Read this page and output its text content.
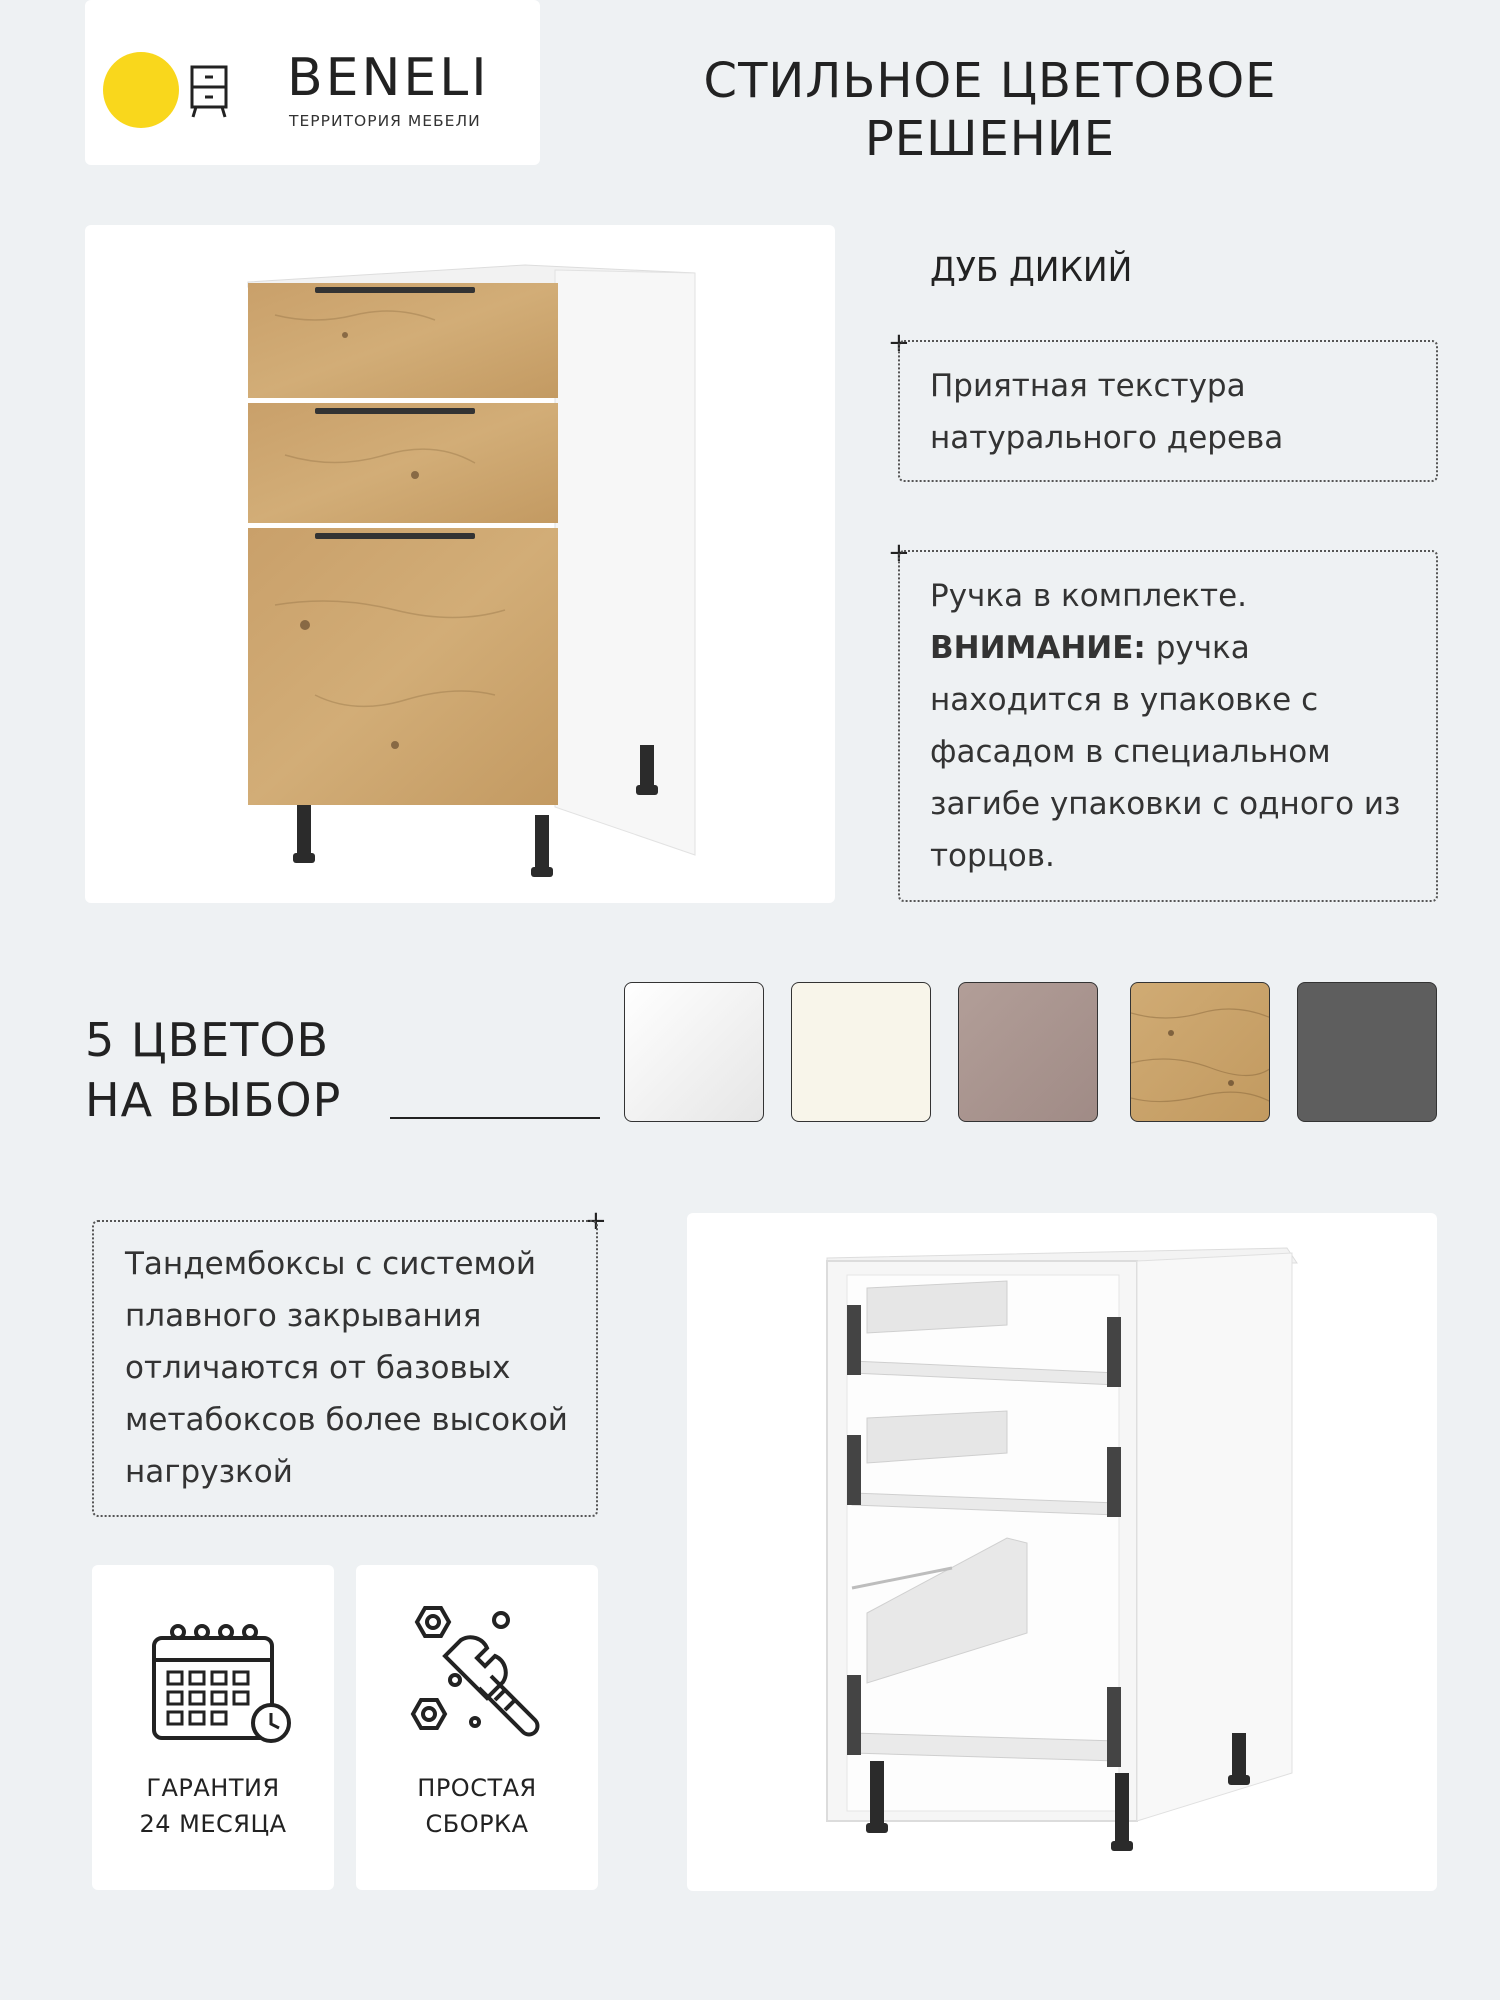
BENELI
ТЕРРИТОРИЯ МЕБЕЛИ
СТИЛЬНОЕ ЦВЕТОВОЕ РЕШЕНИЕ
ДУБ ДИКИЙ
+
Приятная текстура натурального дерева
+
Ручка в комплекте.
ВНИМАНИЕ: ручка находится в упаковке с фасадом в специальном загибе упаковки с одного из торцов.
5 ЦВЕТОВ
НА ВЫБОР
+
Тандембоксы с системой плавного закрывания отличаются от базовых метабоксов более высокой нагрузкой
ГАРАНТИЯ
24 МЕСЯЦА
ПРОСТАЯ
СБОРКА
